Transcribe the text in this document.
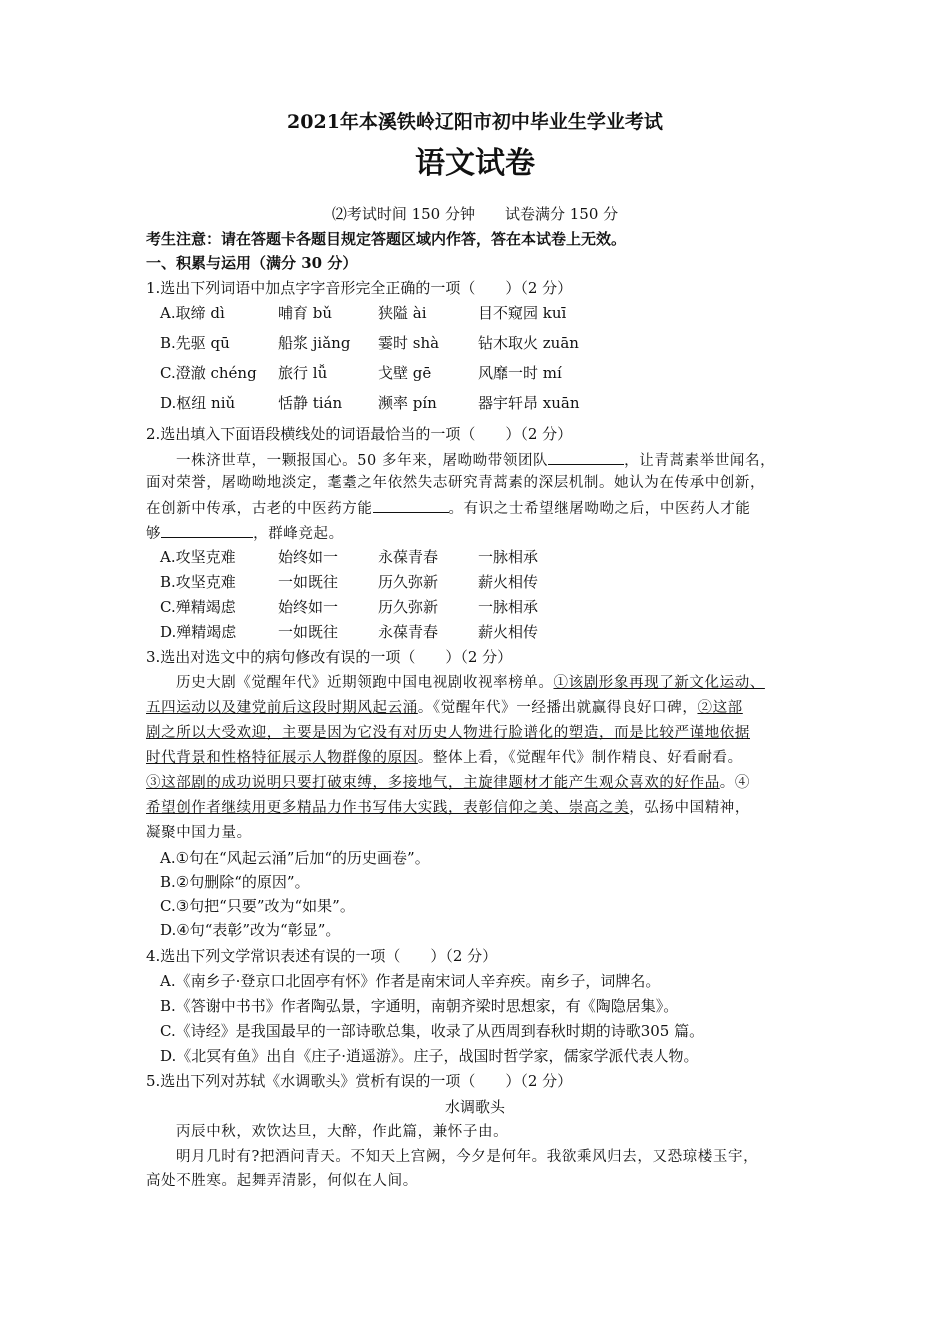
2021年本溪铁岭辽阳市初中毕业生学业考试
语文试卷
⑵考试时间 150 分钟　　试卷满分 150 分
考生注意：请在答题卡各题目规定答题区域内作答，答在本试卷上无效。
一、积累与运用（满分 30 分）
1.选出下列词语中加点字字音形完全正确的一项（　　）（2 分）
A.取缔 dì	哺育 bǔ	狭隘 ài	目不窥园 kuī
B.先驱 qū	船浆 jiǎng 霎时 shà	钻木取火 zuān
C.澄澈 chéng 旅行 lǚ	戈壁 gē	风靡一时 mí
D.枢纽 niǔ	恬静 tián 濒率 pín	器宇轩昂 xuān
2.选出填入下面语段横线处的词语最恰当的一项（　　）（2 分）
一株济世草，一颗报国心。50 多年来，屠呦呦带领团队	，让青蒿素举世闻名，
面对荣誉，屠呦呦地淡定，耄耋之年依然失志研究青蒿素的深层机制。她认为在传承中创新，
在创新中传承，古老的中医药方能	。有识之士希望继屠呦呦之后，中医药人才能
够	，群峰竞起。
A.攻坚克难	始终如一	永葆青春	一脉相承
B.攻坚克难	一如既往	历久弥新	薪火相传
C.殚精竭虑	始终如一	历久弥新	一脉相承
D.殚精竭虑	一如既往	永葆青春	薪火相传
3.选出对选文中的病句修改有误的一项（　　）（2 分）
历史大剧《觉醒年代》近期领跑中国电视剧收视率榜单。①该剧形象再现了新文化运动、
五四运动以及建党前后这段时期风起云涌。《觉醒年代》一经播出就赢得良好口碑，②这部
剧之所以大受欢迎，主要是因为它没有对历史人物进行脸谱化的塑造，而是比较严谨地依据
时代背景和性格特征展示人物群像的原因。整体上看，《觉醒年代》制作精良、好看耐看。
③这部剧的成功说明只要打破束缚，多接地气，主旋律题材才能产生观众喜欢的好作品。④
希望创作者继续用更多精品力作书写伟大实践，表彰信仰之美、崇高之美，弘扬中国精神，
凝聚中国力量。
A.①句在“风起云涌”后加“的历史画卷”。
B.②句删除“的原因”。
C.③句把“只要”改为“如果”。
D.④句“表彰”改为“彰显”。
4.选出下列文学常识表述有误的一项（　　）（2 分）
A.《南乡子·登京口北固亭有怀》作者是南宋词人辛弃疾。南乡子，词牌名。
B.《答谢中书书》作者陶弘景，字通明，南朝齐梁时思想家，有《陶隐居集》。
C.《诗经》是我国最早的一部诗歌总集，收录了从西周到春秋时期的诗歌305 篇。
D.《北冥有鱼》出自《庄子·逍遥游》。庄子，战国时哲学家，儒家学派代表人物。
5.选出下列对苏轼《水调歌头》赏析有误的一项（　　）（2 分）
水调歌头
丙辰中秋，欢饮达旦，大醉，作此篇，兼怀子由。
明月几时有?把酒问青天。不知天上宫阙，今夕是何年。我欲乘风归去，又恐琼楼玉宇，
高处不胜寒。起舞弄清影，何似在人间。
